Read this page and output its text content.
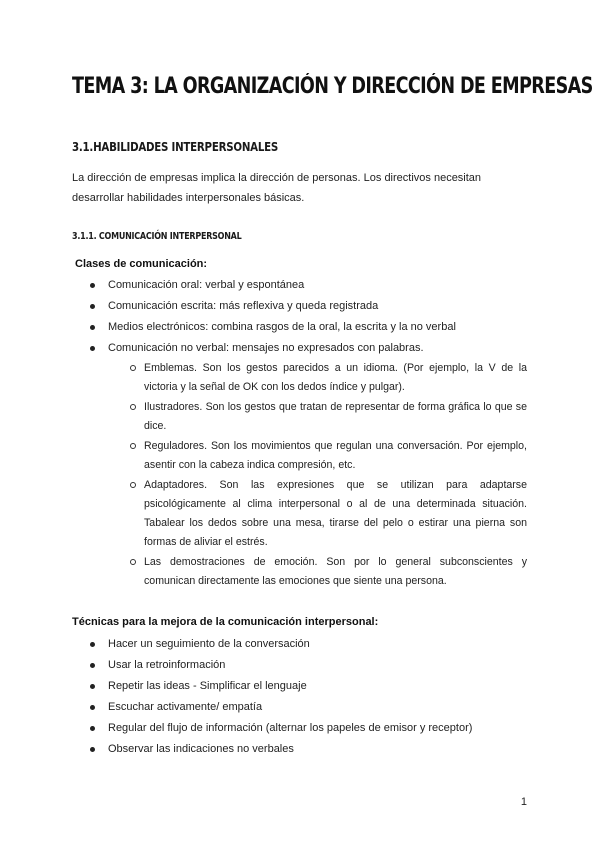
TEMA 3: LA ORGANIZACIÓN Y DIRECCIÓN DE EMPRESAS
3.1.HABILIDADES INTERPERSONALES

La dirección de empresas implica la dirección de personas. Los directivos necesitan desarrollar habilidades interpersonales básicas.

3.1.1. COMUNICACIÓN INTERPERSONAL

Clases de comunicación:

Comunicación oral: verbal y espontánea
Comunicación escrita: más reflexiva y queda registrada
Medios electrónicos: combina rasgos de la oral, la escrita y la no verbal
Comunicación no verbal: mensajes no expresados con palabras.
Emblemas. Son los gestos parecidos a un idioma. (Por ejemplo, la V de la victoria y la señal de OK con los dedos índice y pulgar).
Ilustradores. Son los gestos que tratan de representar de forma gráfica lo que se dice.
Reguladores. Son los movimientos que regulan una conversación. Por ejemplo, asentir con la cabeza indica compresión, etc.
Adaptadores. Son las expresiones que se utilizan para adaptarse psicológicamente al clima interpersonal o al de una determinada situación. Tabalear los dedos sobre una mesa, tirarse del pelo o estirar una pierna son formas de aliviar el estrés.
Las demostraciones de emoción. Son por lo general subconscientes y comunican directamente las emociones que siente una persona.

Técnicas para la mejora de la comunicación interpersonal:

Hacer un seguimiento de la conversación
Usar la retroinformación
Repetir las ideas - Simplificar el lenguaje
Escuchar activamente/ empatía
Regular del flujo de información (alternar los papeles de emisor y receptor)
Observar las indicaciones no verbales

1
